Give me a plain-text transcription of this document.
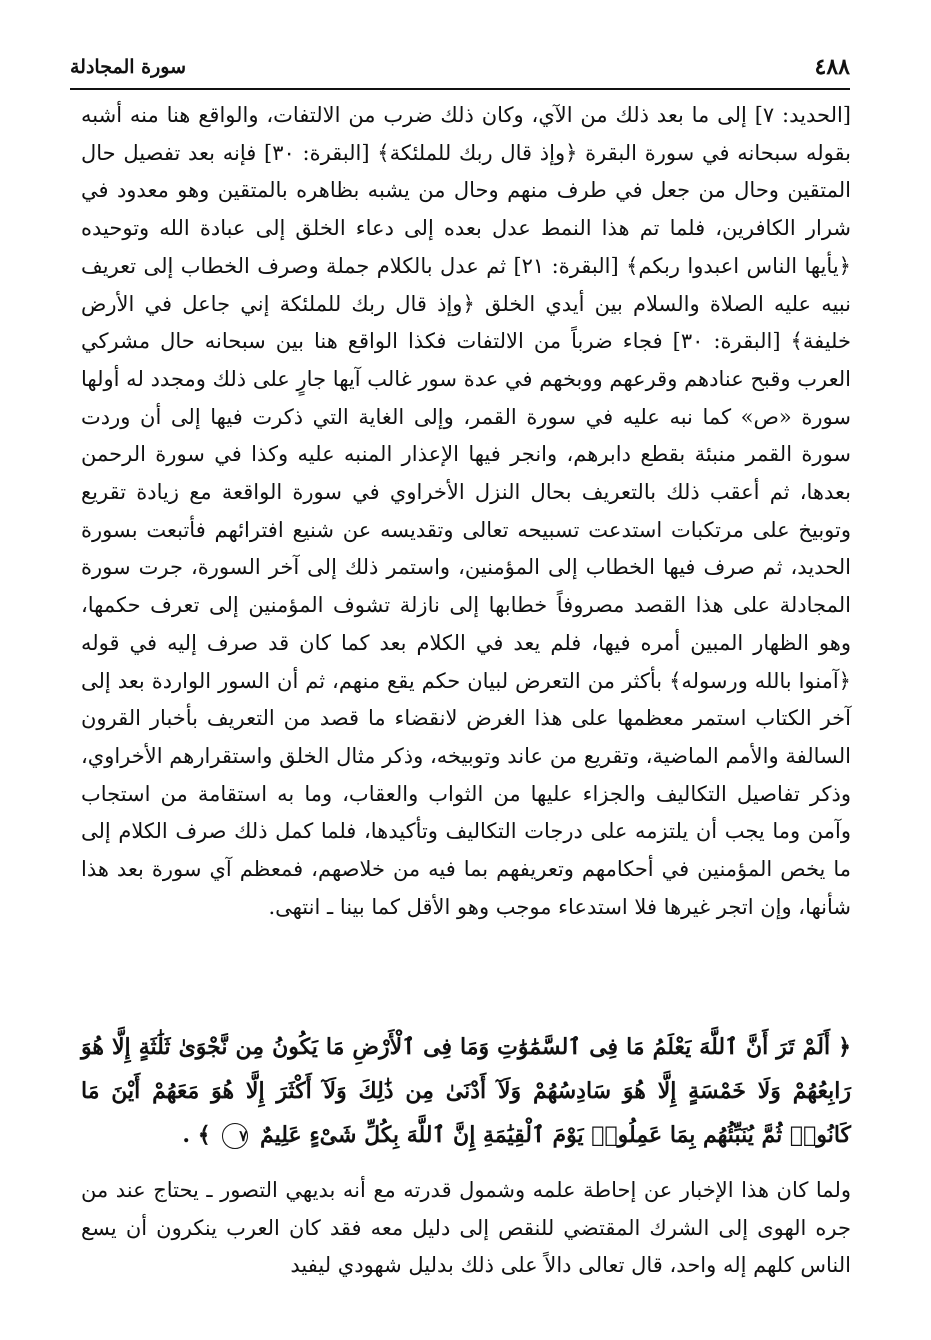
٤٨٨
سورة المجادلة

[الحديد: ٧] إلى ما بعد ذلك من الآي، وكان ذلك ضرب من الالتفات، والواقع هنا منه أشبه بقوله سبحانه في سورة البقرة ﴿وإذ قال ربك للملئكة﴾ [البقرة: ٣٠] فإنه بعد تفصيل حال المتقين وحال من جعل في طرف منهم وحال من يشبه بظاهره بالمتقين وهو معدود في شرار الكافرين، فلما تم هذا النمط عدل بعده إلى دعاء الخلق إلى عبادة الله وتوحيده ﴿يأيها الناس اعبدوا ربكم﴾ [البقرة: ٢١] ثم عدل بالكلام جملة وصرف الخطاب إلى تعريف نبيه عليه الصلاة والسلام بين أيدي الخلق ﴿وإذ قال ربك للملئكة إني جاعل في الأرض خليفة﴾ [البقرة: ٣٠] فجاء ضرباً من الالتفات فكذا الواقع هنا بين سبحانه حال مشركي العرب وقبح عنادهم وقرعهم ووبخهم في عدة سور غالب آيها جارٍ على ذلك ومجدد له أولها سورة «ص» كما نبه عليه في سورة القمر، وإلى الغاية التي ذكرت فيها إلى أن وردت سورة القمر منبئة بقطع دابرهم، وانجر فيها الإعذار المنبه عليه وكذا في سورة الرحمن بعدها، ثم أعقب ذلك بالتعريف بحال النزل الأخراوي في سورة الواقعة مع زيادة تقريع وتوبيخ على مرتكبات استدعت تسبيحه تعالى وتقديسه عن شنيع افترائهم فأتبعت بسورة الحديد، ثم صرف فيها الخطاب إلى المؤمنين، واستمر ذلك إلى آخر السورة، جرت سورة المجادلة على هذا القصد مصروفاً خطابها إلى نازلة تشوف المؤمنين إلى تعرف حكمها، وهو الظهار المبين أمره فيها، فلم يعد في الكلام بعد كما كان قد صرف إليه في قوله ﴿آمنوا بالله ورسوله﴾ بأكثر من التعرض لبيان حكم يقع منهم، ثم أن السور الواردة بعد إلى آخر الكتاب استمر معظمها على هذا الغرض لانقضاء ما قصد من التعريف بأخبار القرون السالفة والأمم الماضية، وتقريع من عاند وتوبيخه، وذكر مثال الخلق واستقرارهم الأخراوي، وذكر تفاصيل التكاليف والجزاء عليها من الثواب والعقاب، وما به استقامة من استجاب وآمن وما يجب أن يلتزمه على درجات التكاليف وتأكيدها، فلما كمل ذلك صرف الكلام إلى ما يخص المؤمنين في أحكامهم وتعريفهم بما فيه من خلاصهم، فمعظم آي سورة بعد هذا شأنها، وإن اتجر غيرها فلا استدعاء موجب وهو الأقل كما بينا ـ انتهى.

﴿ أَلَمْ تَرَ أَنَّ ٱللَّهَ يَعْلَمُ مَا فِى ٱلسَّمَٰوَٰتِ وَمَا فِى ٱلْأَرْضِ مَا يَكُونُ مِن نَّجْوَىٰ ثَلَٰثَةٍ إِلَّا هُوَ رَابِعُهُمْ وَلَا خَمْسَةٍ إِلَّا هُوَ سَادِسُهُمْ وَلَآ أَدْنَىٰ مِن ذَٰلِكَ وَلَآ أَكْثَرَ إِلَّا هُوَ مَعَهُمْ أَيْنَ مَا كَانُوا۟ ثُمَّ يُنَبِّئُهُم بِمَا عَمِلُوا۟ يَوْمَ ٱلْقِيَٰمَةِ إِنَّ ٱللَّهَ بِكُلِّ شَىْءٍ عَلِيمٌ ٧ ﴾ .

ولما كان هذا الإخبار عن إحاطة علمه وشمول قدرته مع أنه بديهي التصور ـ يحتاج عند من جره الهوى إلى الشرك المقتضي للنقص إلى دليل معه فقد كان العرب ينكرون أن يسع الناس كلهم إله واحد، قال تعالى دالاً على ذلك بدليل شهودي ليفيد
